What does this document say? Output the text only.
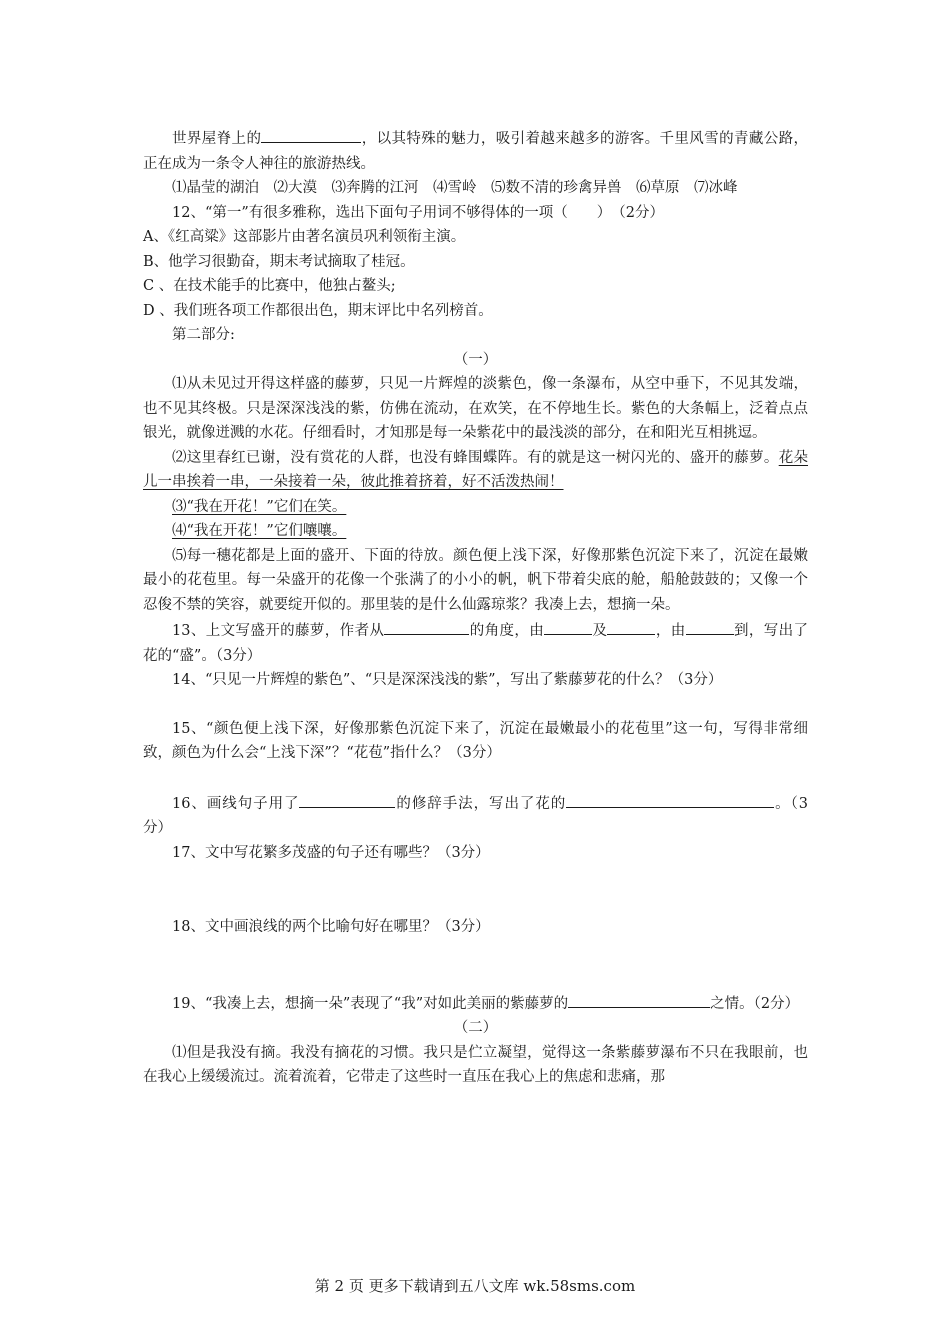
世界屋脊上的	，以其特殊的魅力，吸引着越来越多的游客。千里风雪的青藏公路，正在成为一条令人神往的旅游热线。

⑴晶莹的湖泊　⑵大漠　⑶奔腾的江河　⑷雪岭　⑸数不清的珍禽异兽　⑹草原　⑺冰峰

12、“第一”有很多雅称，选出下面句子用词不够得体的一项（　　）　（2分）

A、《红高粱》这部影片由著名演员巩利领衔主演。

B、他学习很勤奋，期末考试摘取了桂冠。

C 、在技术能手的比赛中，他独占鳌头;

D 、我们班各项工作都很出色，期末评比中名列榜首。

第二部分:

（一）

⑴从未见过开得这样盛的藤萝，只见一片辉煌的淡紫色，像一条瀑布，从空中垂下，不见其发端，也不见其终极。只是深深浅浅的紫，仿佛在流动，在欢笑，在不停地生长。紫色的大条幅上，泛着点点银光，就像迸溅的水花。仔细看时，才知那是每一朵紫花中的最浅淡的部分，在和阳光互相挑逗。

⑵这里春红已谢，没有赏花的人群，也没有蜂围蝶阵。有的就是这一树闪光的、盛开的藤萝。花朵儿一串挨着一串，一朵接着一朵，彼此推着挤着，好不活泼热闹！

⑶“我在开花！”它们在笑。

⑷“我在开花！”它们嚷嚷。

⑸每一穗花都是上面的盛开、下面的待放。颜色便上浅下深，好像那紫色沉淀下来了，沉淀在最嫩最小的花苞里。每一朵盛开的花像一个张满了的小小的帆，帆下带着尖底的舱，船舱鼓鼓的；又像一个忍俊不禁的笑容，就要绽开似的。那里装的是什么仙露琼浆？我凑上去，想摘一朵。

13、上文写盛开的藤萝，作者从	的角度，由	及	，由	到，写出了花的“盛”。（3分）

14、“只见一片辉煌的紫色”、“只是深深浅浅的紫”，写出了紫藤萝花的什么？（3分）

15、“颜色便上浅下深，好像那紫色沉淀下来了，沉淀在最嫩最小的花苞里”这一句，写得非常细致，颜色为什么会“上浅下深”？“花苞”指什么？（3分）

16、画线句子用了	的修辞手法，写出了花的	。（3分）

17、文中写花繁多茂盛的句子还有哪些？（3分）

18、文中画浪线的两个比喻句好在哪里？（3分）

19、“我凑上去，想摘一朵”表现了“我”对如此美丽的紫藤萝的	之情。（2分）

（二）

⑴但是我没有摘。我没有摘花的习惯。我只是伫立凝望，觉得这一条紫藤萝瀑布不只在我眼前，也在我心上缓缓流过。流着流着，它带走了这些时一直压在我心上的焦虑和悲痛，那

第 2 页 更多下载请到五八文库 wk.58sms.com
